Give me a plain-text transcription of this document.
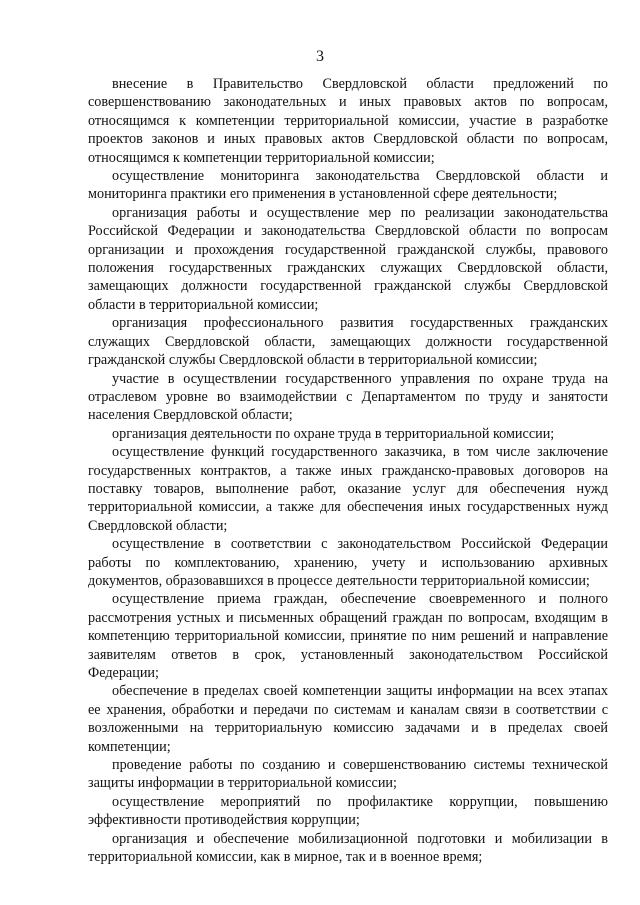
3

внесение в Правительство Свердловской области предложений по совершенствованию законодательных и иных правовых актов по вопросам, относящимся к компетенции территориальной комиссии, участие в разработке проектов законов и иных правовых актов Свердловской области по вопросам, относящимся к компетенции территориальной комиссии;

осуществление мониторинга законодательства Свердловской области и мониторинга практики его применения в установленной сфере деятельности;

организация работы и осуществление мер по реализации законодательства Российской Федерации и законодательства Свердловской области по вопросам организации и прохождения государственной гражданской службы, правового положения государственных гражданских служащих Свердловской области, замещающих должности государственной гражданской службы Свердловской области в территориальной комиссии;

организация профессионального развития государственных гражданских служащих Свердловской области, замещающих должности государственной гражданской службы Свердловской области в территориальной комиссии;

участие в осуществлении государственного управления по охране труда на отраслевом уровне во взаимодействии с Департаментом по труду и занятости населения Свердловской области;

организация деятельности по охране труда в территориальной комиссии;

осуществление функций государственного заказчика, в том числе заключение государственных контрактов, а также иных гражданско-правовых договоров на поставку товаров, выполнение работ, оказание услуг для обеспечения нужд территориальной комиссии, а также для обеспечения иных государственных нужд Свердловской области;

осуществление в соответствии с законодательством Российской Федерации работы по комплектованию, хранению, учету и использованию архивных документов, образовавшихся в процессе деятельности территориальной комиссии;

осуществление приема граждан, обеспечение своевременного и полного рассмотрения устных и письменных обращений граждан по вопросам, входящим в компетенцию территориальной комиссии, принятие по ним решений и направление заявителям ответов в срок, установленный законодательством Российской Федерации;

обеспечение в пределах своей компетенции защиты информации на всех этапах ее хранения, обработки и передачи по системам и каналам связи в соответствии с возложенными на территориальную комиссию задачами и в пределах своей компетенции;

проведение работы по созданию и совершенствованию системы технической защиты информации в территориальной комиссии;

осуществление мероприятий по профилактике коррупции, повышению эффективности противодействия коррупции;

организация и обеспечение мобилизационной подготовки и мобилизации в территориальной комиссии, как в мирное, так и в военное время;
